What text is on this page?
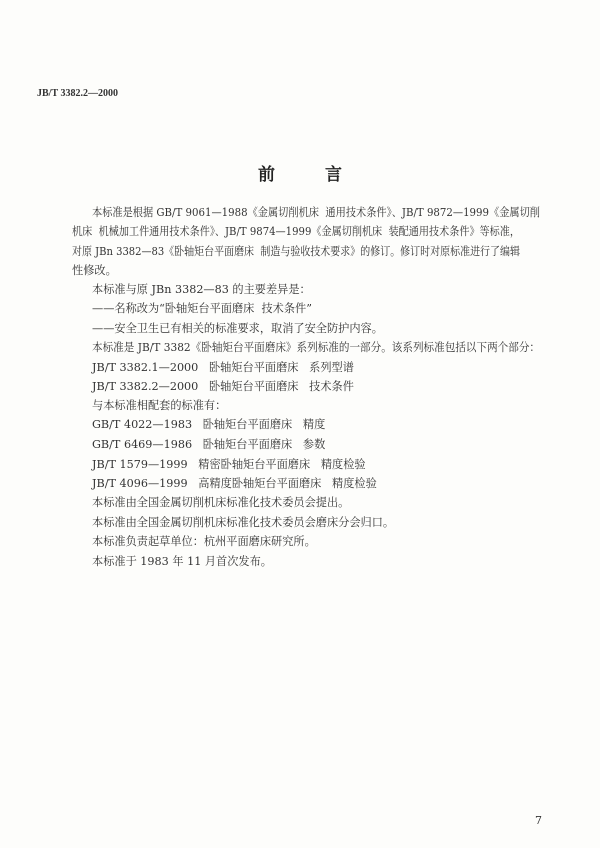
JB/T 3382.2—2000
前 言
本标准是根据 GB/T 9061—1988《金属切削机床  通用技术条件》、JB/T 9872—1999《金属切削
机床  机械加工件通用技术条件》、JB/T 9874—1999《金属切削机床  装配通用技术条件》等标准，
对原 JBn 3382—83《卧轴矩台平面磨床  制造与验收技术要求》的修订。修订时对原标准进行了编辑
性修改。
本标准与原 JBn 3382—83 的主要差异是：
——名称改为“卧轴矩台平面磨床  技术条件”
——安全卫生已有相关的标准要求，取消了安全防护内容。
本标准是 JB/T 3382《卧轴矩台平面磨床》系列标准的一部分。该系列标准包括以下两个部分：
JB/T 3382.1—2000   卧轴矩台平面磨床   系列型谱
JB/T 3382.2—2000   卧轴矩台平面磨床   技术条件
与本标准相配套的标准有：
GB/T 4022—1983   卧轴矩台平面磨床   精度
GB/T 6469—1986   卧轴矩台平面磨床   参数
JB/T 1579—1999   精密卧轴矩台平面磨床   精度检验
JB/T 4096—1999   高精度卧轴矩台平面磨床   精度检验
本标准由全国金属切削机床标准化技术委员会提出。
本标准由全国金属切削机床标准化技术委员会磨床分会归口。
本标准负责起草单位：杭州平面磨床研究所。
本标准于 1983 年 11 月首次发布。
7
